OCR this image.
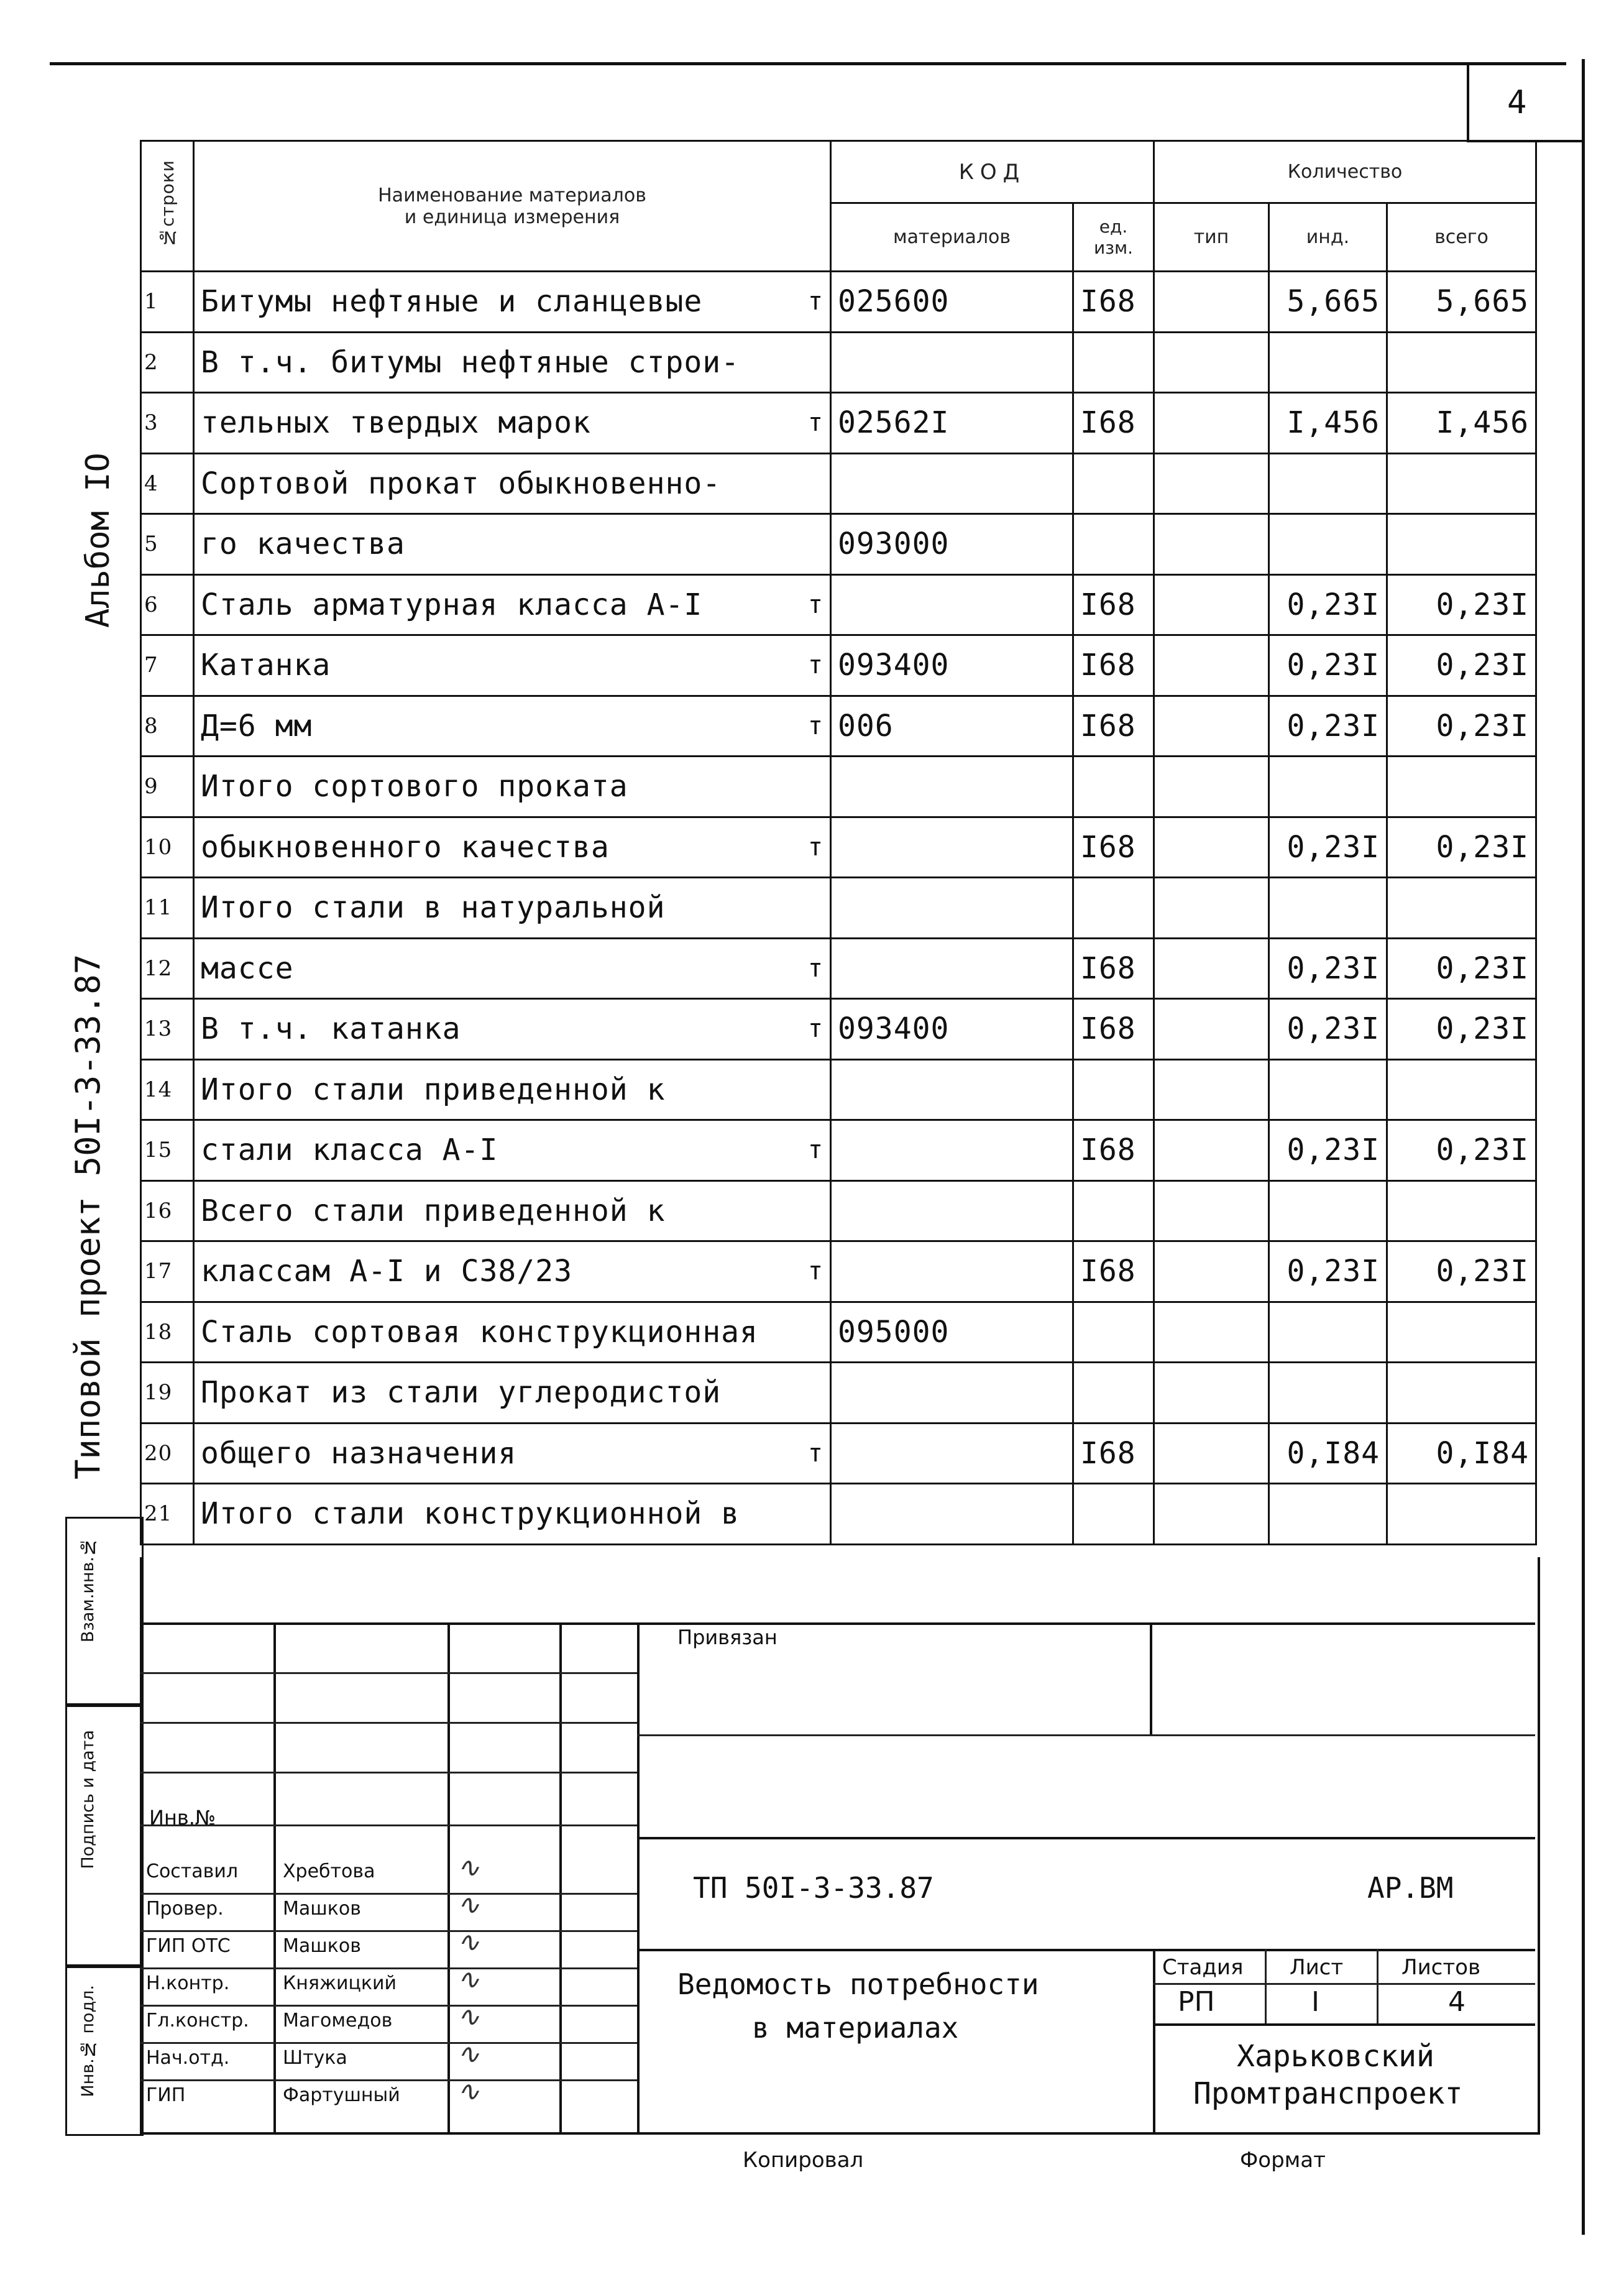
4
№строки	Наименование материалов
и единица измерения	КОД		Количество		
		материалов	ед. изм.	тип	инд.	всего
1	Битумы нефтяные и сланцевые т	025600	I68		5,665	5,665
2	В т.ч. битумы нефтяные строи-					

3	тельных твердых марок т	02562I	I68		I,456	I,456
4	Сортовой прокат обыкновенно-					

5	го качества	093000				
6	Сталь арматурная класса А-I т		I68		0,23I	0,23I
7	Катанка т	093400	I68		0,23I	0,23I
8	Д=6 мм т	006	I68		0,23I	0,23I
9	Итого сортового проката					

10	обыкновенного качества т		I68		0,23I	0,23I
11	Итого стали в натуральной					

12	массе т		I68		0,23I	0,23I
13	В т.ч. катанка т	093400	I68		0,23I	0,23I
14	Итого стали приведенной к					

15	стали класса А-I т		I68		0,23I	0,23I
16	Всего стали приведенной к					

17	классам А-I и С38/23 т		I68		0,23I	0,23I
18	Сталь сортовая конструкционная	095000				
19	Прокат из стали углеродистой					

20	общего назначения т		I68		0,I84	0,I84
21	Итого стали конструкционной в					

Альбом IO
Типовой проект 50I-3-33.87
Взам.инв.№
Подпись и дата
Инв.№ подл.
Привязан
Инв.№
Составил Хребтова	∿
Провер.	Машков	∿
ГИП ОТС	Машков	∿
Н.контр.	Княжицкий ∿
Гл.констр. Магомедов ∿
Нач.отд.	Штука	∿
ГИП	Фартушный ∿
ТП 50I-3-33.87	АР.ВМ
Ведомость потребности
в материалах
Стадия Лист	Листов
РП	I	4
Харьковский
Промтранспроект
Копировал	Формат
